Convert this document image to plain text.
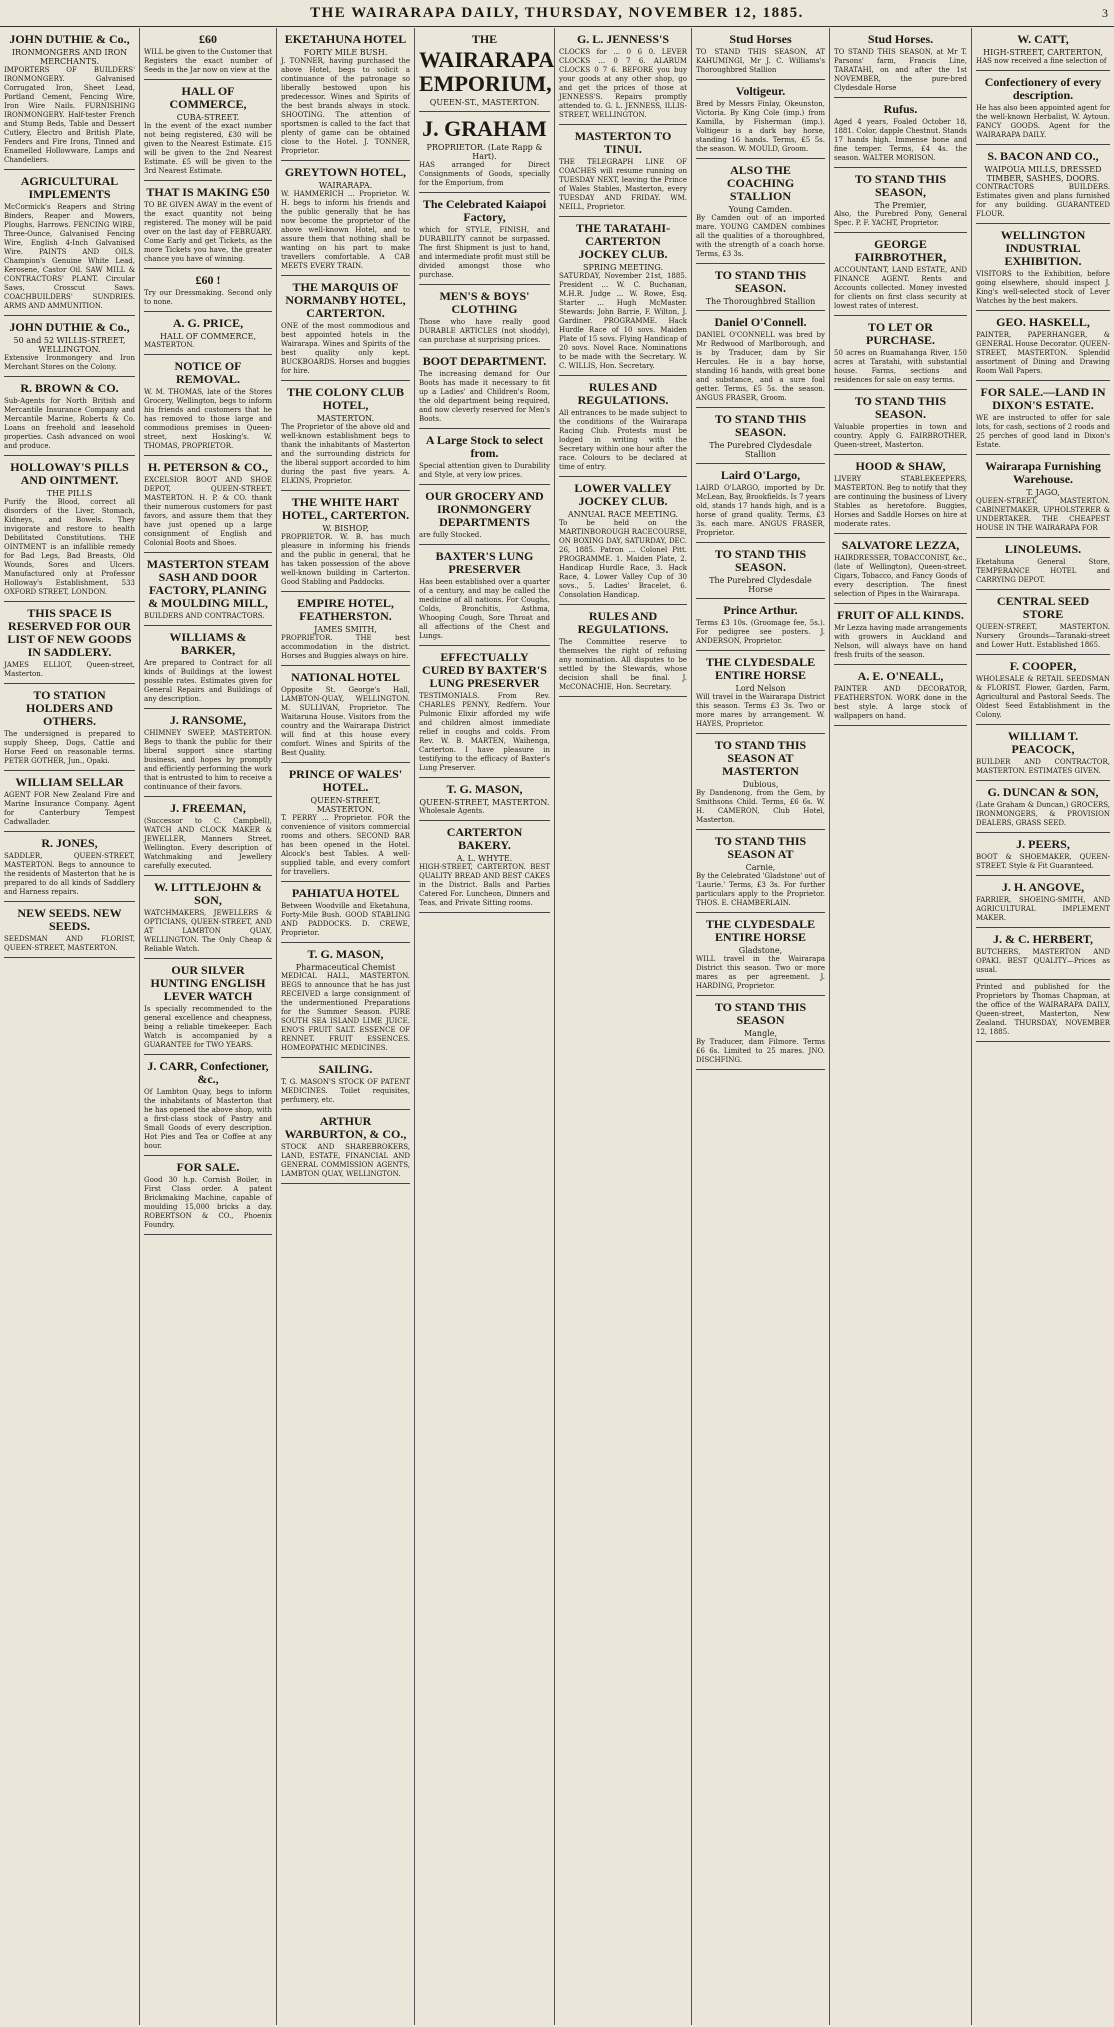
THE WAIRARAPA DAILY, THURSDAY, NOVEMBER 12, 1885.	3
JOHN DUTHIE & Co.,
IRONMONGERS AND IRON MERCHANTS.

IMPORTERS OF BUILDERS' IRONMONGERY. Galvanised Corrugated Iron, Sheet Lead, Portland Cement, Fencing Wire, Iron Wire Nails. FURNISHING IRONMONGERY. Half-tester French and Stump Beds, Table and Dessert Cutlery, Electro and British Plate, Fenders and Fire Irons, Tinned and Enamelled Hollowware, Lamps and Chandeliers.

AGRICULTURAL IMPLEMENTS

McCormick's Reapers and String Binders, Reaper and Mowers, Ploughs, Harrows. FENCING WIRE, Three-Ounce, Galvanised Fencing Wire, English 4-Inch Galvanised Wire. PAINTS AND OILS. Champion's Genuine White Lead, Kerosene, Castor Oil. SAW MILL & CONTRACTORS' PLANT. Circular Saws, Crosscut Saws. COACHBUILDERS' SUNDRIES. ARMS AND AMMUNITION.

JOHN DUTHIE & Co.,
50 and 52 WILLIS-STREET, WELLINGTON.

Extensive Ironmongery and Iron Merchant Stores on the Colony.

R. BROWN & CO.

Sub-Agents for North British and Mercantile Insurance Company and Mercantile Marine, Roberts & Co. Loans on freehold and leasehold properties. Cash advanced on wool and produce.

HOLLOWAY'S PILLS AND OINTMENT.
THE PILLS

Purify the Blood, correct all disorders of the Liver, Stomach, Kidneys, and Bowels. They invigorate and restore to health Debilitated Constitutions. THE OINTMENT is an infallible remedy for Bad Legs, Bad Breasts, Old Wounds, Sores and Ulcers. Manufactured only at Professor Holloway's Establishment, 533 OXFORD STREET, LONDON.

THIS SPACE IS RESERVED FOR OUR LIST OF NEW GOODS IN SADDLERY.

JAMES ELLIOT, Queen-street, Masterton.

TO STATION HOLDERS AND OTHERS.

The undersigned is prepared to supply Sheep, Dogs, Cattle and Horse Feed on reasonable terms. PETER GOTHER, Jun., Opaki.

WILLIAM SELLAR

AGENT FOR New Zealand Fire and Marine Insurance Company. Agent for Canterbury Tempest Cadwallader.

R. JONES,

SADDLER, QUEEN-STREET, MASTERTON. Begs to announce to the residents of Masterton that he is prepared to do all kinds of Saddlery and Harness repairs.

NEW SEEDS. NEW SEEDS.

SEEDSMAN AND FLORIST, QUEEN-STREET, MASTERTON.

£60

WILL be given to the Customer that Registers the exact number of Seeds in the Jar now on view at the

HALL OF COMMERCE,
CUBA-STREET.

In the event of the exact number not being registered, £30 will be given to the Nearest Estimate. £15 will be given to the 2nd Nearest Estimate. £5 will be given to the 3rd Nearest Estimate.

THAT IS MAKING £50

TO BE GIVEN AWAY in the event of the exact quantity not being registered. The money will be paid over on the last day of FEBRUARY. Come Early and get Tickets, as the more Tickets you have, the greater chance you have of winning.

£60 !

Try our Dressmaking. Second only to none.

A. G. PRICE,
HALL OF COMMERCE,

MASTERTON.

NOTICE OF REMOVAL.

W. M. THOMAS, late of the Stores Grocery, Wellington, begs to inform his friends and customers that he has removed to those large and commodious premises in Queen-street, next Hosking's. W. THOMAS, PROPRIETOR.

H. PETERSON & CO.,

EXCELSIOR BOOT AND SHOE DEPOT, QUEEN-STREET, MASTERTON. H. P. & CO. thank their numerous customers for past favors, and assure them that they have just opened up a large consignment of English and Colonial Boots and Shoes.

MASTERTON STEAM SASH AND DOOR FACTORY, PLANING & MOULDING MILL,

BUILDERS AND CONTRACTORS.

WILLIAMS & BARKER,

Are prepared to Contract for all kinds of Buildings at the lowest possible rates. Estimates given for General Repairs and Buildings of any description.

J. RANSOME,

CHIMNEY SWEEP, MASTERTON. Begs to thank the public for their liberal support since starting business, and hopes by promptly and efficiently performing the work that is entrusted to him to receive a continuance of their favors.

J. FREEMAN,

(Successor to C. Campbell), WATCH AND CLOCK MAKER & JEWELLER, Manners Street, Wellington. Every description of Watchmaking and Jewellery carefully executed.

W. LITTLEJOHN & SON,

WATCHMAKERS, JEWELLERS & OPTICIANS, QUEEN-STREET, AND AT LAMBTON QUAY, WELLINGTON. The Only Cheap & Reliable Watch.

OUR SILVER HUNTING ENGLISH LEVER WATCH

Is specially recommended to the general excellence and cheapness, being a reliable timekeeper. Each Watch is accompanied by a GUARANTEE for TWO YEARS.

J. CARR, Confectioner, &c.,

Of Lambton Quay, begs to inform the inhabitants of Masterton that he has opened the above shop, with a first-class stock of Pastry and Small Goods of every description. Hot Pies and Tea or Coffee at any hour.

FOR SALE.

Good 30 h.p. Cornish Boiler, in First Class order. A patent Brickmaking Machine, capable of moulding 15,000 bricks a day. ROBERTSON & CO., Phoenix Foundry.

EKETAHUNA HOTEL
FORTY MILE BUSH.

J. TONNER, having purchased the above Hotel, begs to solicit a continuance of the patronage so liberally bestowed upon his predecessor. Wines and Spirits of the best brands always in stock. SHOOTING. The attention of sportsmen is called to the fact that plenty of game can be obtained close to the Hotel. J. TONNER, Proprietor.

GREYTOWN HOTEL,
WAIRARAPA.

W. HAMMERICH ... Proprietor. W. H. begs to inform his friends and the public generally that he has now become the proprietor of the above well-known Hotel, and to assure them that nothing shall be wanting on his part to make travellers comfortable. A CAB MEETS EVERY TRAIN.

THE MARQUIS OF NORMANBY HOTEL, CARTERTON.

ONE of the most commodious and best appointed hotels in the Wairarapa. Wines and Spirits of the best quality only kept. BUCKBOARDS. Horses and buggies for hire.

THE COLONY CLUB HOTEL,
MASTERTON.

The Proprietor of the above old and well-known establishment begs to thank the inhabitants of Masterton and the surrounding districts for the liberal support accorded to him during the past five years. A. ELKINS, Proprietor.

THE WHITE HART HOTEL, CARTERTON.
W. BISHOP,

PROPRIETOR. W. B. has much pleasure in informing his friends and the public in general, that he has taken possession of the above well-known building in Carterton. Good Stabling and Paddocks.

EMPIRE HOTEL, FEATHERSTON.
JAMES SMITH,

PROPRIETOR. THE best accommodation in the district. Horses and Buggies always on hire.

NATIONAL HOTEL

Opposite St. George's Hall, LAMBTON-QUAY, WELLINGTON. M. SULLIVAN, Proprietor. The Waitaruna House. Visitors from the country and the Wairarapa District will find at this house every comfort. Wines and Spirits of the Best Quality.

PRINCE OF WALES' HOTEL.
QUEEN-STREET, MASTERTON.

T. PERRY ... Proprietor. FOR the convenience of visitors commercial rooms and others. SECOND BAR has been opened in the Hotel. Alcock's best Tables. A well-supplied table, and every comfort for travellers.

PAHIATUA HOTEL

Between Woodville and Eketahuna, Forty-Mile Bush. GOOD STABLING AND PADDOCKS. D. CREWE, Proprietor.

T. G. MASON,
Pharmaceutical Chemist

MEDICAL HALL, MASTERTON. BEGS to announce that he has just RECEIVED a large consignment of the undermentioned Preparations for the Summer Season. PURE SOUTH SEA ISLAND LIME JUICE. ENO'S FRUIT SALT. ESSENCE OF RENNET. FRUIT ESSENCES. HOMEOPATHIC MEDICINES.

SAILING.

T. G. MASON'S STOCK OF PATENT MEDICINES. Toilet requisites, perfumery, etc.

ARTHUR WARBURTON, & CO.,

STOCK AND SHAREBROKERS, LAND, ESTATE, FINANCIAL AND GENERAL COMMISSION AGENTS, LAMBTON QUAY, WELLINGTON.

THE
WAIRARAPA EMPORIUM,
QUEEN-ST., MASTERTON.
J. GRAHAM
PROPRIETOR. (Late Rapp & Hart).

HAS arranged for Direct Consignments of Goods, specially for the Emporium, from

The Celebrated Kaiapoi Factory,

which for STYLE, FINISH, and DURABILITY cannot be surpassed. The first Shipment is just to hand, and intermediate profit must still be divided amongst those who purchase.

MEN'S & BOYS' CLOTHING

Those who have really good DURABLE ARTICLES (not shoddy), can purchase at surprising prices.

BOOT DEPARTMENT.

The increasing demand for Our Boots has made it necessary to fit up a Ladies' and Children's Room, the old department being required, and now cleverly reserved for Men's Boots.

A Large Stock to select from.

Special attention given to Durability and Style, at very low prices.

OUR GROCERY AND IRONMONGERY DEPARTMENTS

are fully Stocked.

BAXTER'S LUNG PRESERVER

Has been established over a quarter of a century, and may be called the medicine of all nations. For Coughs, Colds, Bronchitis, Asthma, Whooping Cough, Sore Throat and all affections of the Chest and Lungs.

EFFECTUALLY CURED BY BAXTER'S LUNG PRESERVER

TESTIMONIALS. From Rev. CHARLES PENNY, Redfern. Your Pulmonic Elixir afforded my wife and children almost immediate relief in coughs and colds. From Rev. W. B. MARTEN, Waihenga, Carterton. I have pleasure in testifying to the efficacy of Baxter's Lung Preserver.

T. G. MASON,
QUEEN-STREET, MASTERTON.

Wholesale Agents.

CARTERTON BAKERY.
A. L. WHYTE.

HIGH-STREET, CARTERTON. BEST QUALITY BREAD AND BEST CAKES in the District. Balls and Parties Catered For. Luncheon, Dinners and Teas, and Private Sitting rooms.

G. L. JENNESS'S

CLOCKS for ... 0 6 0. LEVER CLOCKS ... 0 7 6. ALARUM CLOCKS 0 7 6. BEFORE you buy your goods at any other shop, go and get the prices of those at JENNESS'S. Repairs promptly attended to. G. L. JENNESS, ILLIS-STREET, WELLINGTON.

MASTERTON TO TINUI.

THE TELEGRAPH LINE OF COACHES will resume running on TUESDAY NEXT, leaving the Prince of Wales Stables, Masterton, every TUESDAY AND FRIDAY. WM. NEILL, Proprietor.

THE TARATAHI-CARTERTON JOCKEY CLUB.
SPRING MEETING.

SATURDAY, November 21st, 1885. President ... W. C. Buchanan, M.H.R. Judge ... W. Rowe, Esq. Starter ... Hugh McMaster. Stewards: John Barrie, F. Wilton, J. Gardiner. PROGRAMME. Hack Hurdle Race of 10 sovs. Maiden Plate of 15 sovs. Flying Handicap of 20 sovs. Novel Race. Nominations to be made with the Secretary. W. C. WILLIS, Hon. Secretary.

RULES AND REGULATIONS.

All entrances to be made subject to the conditions of the Wairarapa Racing Club. Protests must be lodged in writing with the Secretary within one hour after the race. Colours to be declared at time of entry.

LOWER VALLEY JOCKEY CLUB.
ANNUAL RACE MEETING.

To be held on the MARTINBOROUGH RACECOURSE, ON BOXING DAY, SATURDAY, DEC. 26, 1885. Patron ... Colonel Pitt. PROGRAMME. 1. Maiden Plate, 2. Handicap Hurdle Race, 3. Hack Race, 4. Lower Valley Cup of 30 sovs., 5. Ladies' Bracelet, 6. Consolation Handicap.

RULES AND REGULATIONS.

The Committee reserve to themselves the right of refusing any nomination. All disputes to be settled by the Stewards, whose decision shall be final. J. McCONACHIE, Hon. Secretary.

Stud Horses

TO STAND THIS SEASON, AT KAHUMINGI, Mr J. C. Williams's Thoroughbred Stallion

Voltigeur.

Bred by Messrs Finlay, Okeunston, Victoria. By King Cole (imp.) from Kamilla, by Fisherman (imp.). Voltigeur is a dark bay horse, standing 16 hands. Terms, £5 5s. the season. W. MOULD, Groom.

ALSO THE COACHING STALLION
Young Camden.

By Camden out of an imported mare. YOUNG CAMDEN combines all the qualities of a thoroughbred, with the strength of a coach horse. Terms, £3 3s.

TO STAND THIS SEASON.
The Thoroughbred Stallion
Daniel O'Connell.

DANIEL O'CONNELL was bred by Mr Redwood of Marlborough, and is by Traducer, dam by Sir Hercules. He is a bay horse, standing 16 hands, with great bone and substance, and a sure foal getter. Terms, £5 5s. the season. ANGUS FRASER, Groom.

TO STAND THIS SEASON.
The Purebred Clydesdale Stallion
Laird O'Largo,

LAIRD O'LARGO, imported by Dr. McLean, Bay, Brookfields. Is 7 years old, stands 17 hands high, and is a horse of grand quality. Terms, £3 3s. each mare. ANGUS FRASER, Proprietor.

TO STAND THIS SEASON.
The Purebred Clydesdale Horse
Prince Arthur.

Terms £3 10s. (Groomage fee, 5s.). For pedigree see posters. J. ANDERSON, Proprietor.

THE CLYDESDALE ENTIRE HORSE
Lord Nelson

Will travel in the Wairarapa District this season. Terms £3 3s. Two or more mares by arrangement. W. HAYES, Proprietor.

TO STAND THIS SEASON AT MASTERTON
Dubious,

By Dandenong, from the Gem, by Smithsons Child. Terms, £6 6s. W. H. CAMERON, Club Hotel, Masterton.

TO STAND THIS SEASON AT
Carnie,

By the Celebrated 'Gladstone' out of 'Laurie.' Terms, £3 3s. For further particulars apply to the Proprietor. THOS. E. CHAMBERLAIN.

THE CLYDESDALE ENTIRE HORSE
Gladstone,

WILL travel in the Wairarapa District this season. Two or more mares as per agreement. J. HARDING, Proprietor.

TO STAND THIS SEASON
Mangle,

By Traducer, dam Filmore. Terms £6 6s. Limited to 25 mares. JNO. DISCHFING.

Stud Horses.

TO STAND THIS SEASON, at Mr T. Parsons' farm, Francis Line, TARATAHI, on and after the 1st NOVEMBER, the pure-bred Clydesdale Horse

Rufus.

Aged 4 years, Foaled October 18, 1881. Color, dapple Chestnut. Stands 17 hands high. Immense bone and fine temper. Terms, £4 4s. the season. WALTER MORISON.

TO STAND THIS SEASON,
The Premier,

Also, the Purebred Pony, General Spec. P. F. YACHT, Proprietor.

GEORGE FAIRBROTHER,

ACCOUNTANT, LAND ESTATE, AND FINANCE AGENT. Rents and Accounts collected. Money invested for clients on first class security at lowest rates of interest.

TO LET OR PURCHASE.

50 acres on Ruamahanga River, 150 acres at Taratahi, with substantial house. Farms, sections and residences for sale on easy terms.

TO STAND THIS SEASON.

Valuable properties in town and country. Apply G. FAIRBROTHER, Queen-street, Masterton.

HOOD & SHAW,

LIVERY STABLEKEEPERS, MASTERTON. Beg to notify that they are continuing the business of Livery Stables as heretofore. Buggies, Horses and Saddle Horses on hire at moderate rates.

SALVATORE LEZZA,

HAIRDRESSER, TOBACCONIST, &c., (late of Wellington), Queen-street. Cigars, Tobacco, and Fancy Goods of every description. The finest selection of Pipes in the Wairarapa.

FRUIT OF ALL KINDS.

Mr Lezza having made arrangements with growers in Auckland and Nelson, will always have on hand fresh fruits of the season.

A. E. O'NEALL,

PAINTER AND DECORATOR, FEATHERSTON. WORK done in the best style. A large stock of wallpapers on hand.

W. CATT,
HIGH-STREET, CARTERTON,

HAS now received a fine selection of

Confectionery of every description.

He has also been appointed agent for the well-known Herbalist, W. Aytoun. FANCY GOODS. Agent for the WAIRARAPA DAILY.

S. BACON AND CO.,
WAIPOUA MILLS, DRESSED TIMBER, SASHES, DOORS.

CONTRACTORS BUILDERS. Estimates given and plans furnished for any building. GUARANTEED FLOUR.

WELLINGTON INDUSTRIAL EXHIBITION.

VISITORS to the Exhibition, before going elsewhere, should inspect J. King's well-selected stock of Lever Watches by the best makers.

GEO. HASKELL,

PAINTER, PAPERHANGER, & GENERAL House Decorator. QUEEN-STREET, MASTERTON. Splendid assortment of Dining and Drawing Room Wall Papers.

FOR SALE.—LAND IN DIXON'S ESTATE.

WE are instructed to offer for sale lots, for cash, sections of 2 roods and 25 perches of good land in Dixon's Estate.

Wairarapa Furnishing Warehouse.
T. JAGO,

QUEEN-STREET, MASTERTON. CABINETMAKER, UPHOLSTERER & UNDERTAKER. THE CHEAPEST HOUSE IN THE WAIRARAPA FOR

LINOLEUMS.

Eketahuna General Store, TEMPERANCE HOTEL and CARRYING DEPOT.

CENTRAL SEED STORE

QUEEN-STREET, MASTERTON. Nursery Grounds—Taranaki-street and Lower Hutt. Established 1865.

F. COOPER,

WHOLESALE & RETAIL SEEDSMAN & FLORIST. Flower, Garden, Farm, Agricultural and Pastoral Seeds. The Oldest Seed Establishment in the Colony.

WILLIAM T. PEACOCK,

BUILDER AND CONTRACTOR, MASTERTON. ESTIMATES GIVEN.

G. DUNCAN & SON,

(Late Graham & Duncan,) GROCERS, IRONMONGERS, & PROVISION DEALERS, GRASS SEED.

J. PEERS,

BOOT & SHOEMAKER, QUEEN-STREET. Style & Fit Guaranteed.

J. H. ANGOVE,

FARRIER, SHOEING-SMITH, AND AGRICULTURAL IMPLEMENT MAKER.

J. & C. HERBERT,

BUTCHERS, MASTERTON AND OPAKI. BEST QUALITY—Prices as usual.

Printed and published for the Proprietors by Thomas Chapman, at the office of the WAIRARAPA DAILY, Queen-street, Masterton, New Zealand. THURSDAY, NOVEMBER 12, 1885.
